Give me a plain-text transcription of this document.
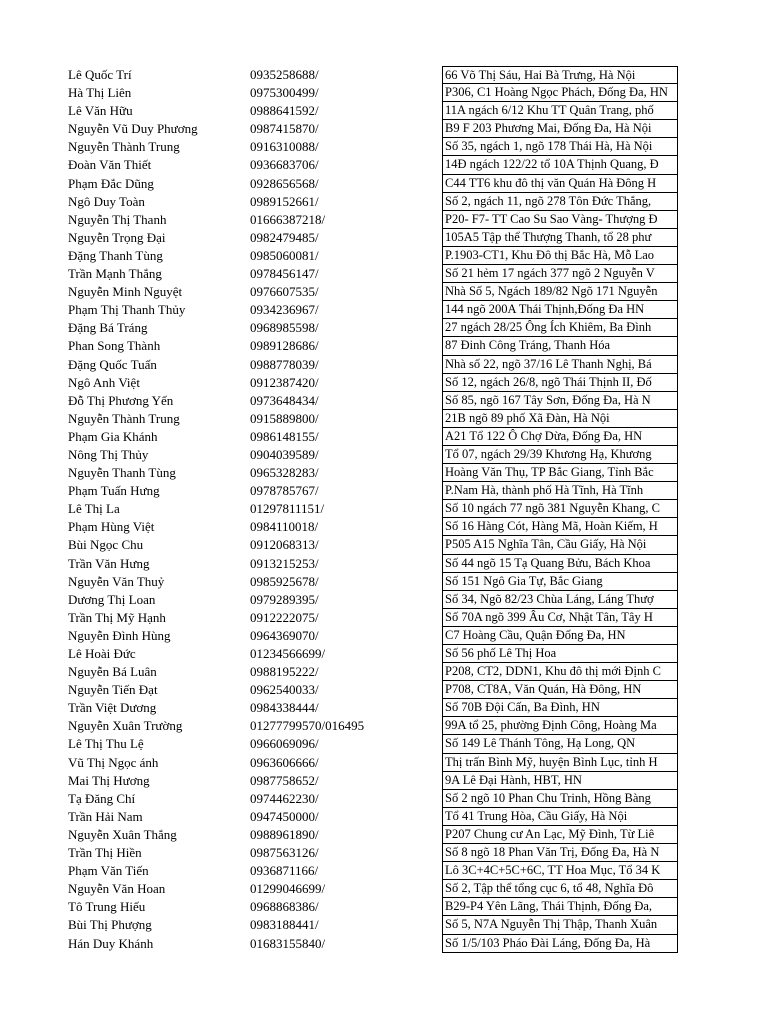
Lê Quốc Trí	0935258688/	66 Võ Thị Sáu, Hai Bà Trưng, Hà Nội
Hà Thị Liên	0975300499/	P306, C1 Hoàng Ngọc Phách, Đống Đa, HN
Lê Văn Hữu	0988641592/	11A ngách 6/12 Khu TT Quân Trang, phố
Nguyễn Vũ Duy Phương	0987415870/	B9 F 203 Phương Mai, Đống Đa, Hà Nội
Nguyễn Thành Trung	0916310088/	Số 35, ngách 1, ngõ 178 Thái Hà, Hà Nội
Đoàn Văn Thiết	0936683706/	14Đ ngách 122/22 tổ 10A Thịnh Quang, Đ
Phạm Đắc Dũng	0928656568/	C44 TT6 khu đô thị văn Quán Hà Đông H
Ngô Duy Toàn	0989152661/	Số 2, ngách 11, ngõ 278 Tôn Đức Thắng,
Nguyễn Thị Thanh	01666387218/	P20- F7- TT Cao Su Sao Vàng- Thượng Đ
Nguyễn Trọng Đại	0982479485/	105A5 Tập thể Thượng Thanh, tổ 28 phư
Đặng Thanh Tùng	0985060081/	P.1903-CT1, Khu Đô thị Bắc Hà, Mỗ Lao
Trần Mạnh Thắng	0978456147/	Số 21 hẻm 17 ngách 377 ngõ 2 Nguyễn V
Nguyễn Minh Nguyệt	0976607535/	Nhà Số 5, Ngách 189/82 Ngõ 171 Nguyễn
Phạm Thị Thanh Thủy	0934236967/	144 ngõ 200A Thái Thịnh,Đống Đa HN
Đặng Bá Tráng	0968985598/	27 ngách 28/25 Ông Ích Khiêm, Ba Đình
Phan Song Thành	0989128686/	87 Đinh Công Tráng, Thanh Hóa
Đặng Quốc Tuấn	0988778039/	Nhà số 22, ngõ 37/16 Lê Thanh Nghị, Bá
Ngô Anh Việt	0912387420/	Số 12, ngách 26/8, ngõ Thái Thịnh II, Đố
Đỗ Thị Phương Yến	0973648434/	Số 85, ngõ 167 Tây Sơn, Đống Đa, Hà N
Nguyễn Thành Trung	0915889800/	21B ngõ 89 phố Xã Đàn, Hà Nội
Phạm Gia Khánh	0986148155/	A21 Tổ 122 Ô Chợ Dừa, Đống Đa, HN
Nông Thị Thủy	0904039589/	Tổ 07, ngách 29/39 Khương Hạ, Khương
Nguyễn Thanh Tùng	0965328283/	Hoàng Văn Thụ, TP Bắc Giang, Tỉnh Bắc
Phạm Tuấn Hưng	0978785767/	P.Nam Hà, thành phố Hà Tĩnh, Hà Tĩnh
Lê Thị La	01297811151/	Số 10 ngách 77 ngõ 381 Nguyễn Khang, C
Phạm Hùng Việt	0984110018/	Số 16 Hàng Cót, Hàng Mã, Hoàn Kiếm, H
Bùi Ngọc Chu	0912068313/	P505 A15 Nghĩa Tân, Cầu Giấy, Hà Nội
Trần Văn Hưng	0913215253/	Số 44 ngõ 15 Tạ Quang Bửu, Bách Khoa
Nguyễn Văn Thuỷ	0985925678/	Số 151 Ngô Gia Tự, Bắc Giang
Dương Thị Loan	0979289395/	Số 34, Ngõ 82/23 Chùa Láng, Láng Thượ
Trần Thị Mỹ Hạnh	0912222075/	Số 70A ngõ 399 Âu Cơ, Nhật Tân, Tây H
Nguyễn Đình Hùng	0964369070/	C7 Hoàng Cầu, Quận Đống Đa, HN
Lê Hoài Đức	01234566699/	Số 56 phố Lê Thị Hoa
Nguyễn Bá Luân	0988195222/	P208, CT2, DDN1, Khu đô thị mới Định C
Nguyễn Tiến Đạt	0962540033/	P708, CT8A, Văn Quán, Hà Đông, HN
Trần Việt Dương	0984338444/	Số 70B Đội Cấn, Ba Đình, HN
Nguyễn Xuân Trường	01277799570/016495	99A tổ 25, phường Định Công, Hoàng Ma
Lê Thị Thu Lệ	0966069096/	Số 149 Lê Thánh Tông, Hạ Long, QN
Vũ Thị Ngọc ánh	0963606666/	Thị trấn Bình Mỹ, huyện Bình Lục, tỉnh H
Mai Thị Hương	0987758652/	9A Lê Đại Hành, HBT, HN
Tạ Đăng Chí	0974462230/	Số 2 ngõ 10 Phan Chu Trinh, Hồng Bàng
Trần Hải Nam	0947450000/	Tổ 41 Trung Hòa, Cầu Giấy, Hà Nội
Nguyễn Xuân Thắng	0988961890/	P207 Chung cư An Lạc, Mỹ Đình, Từ Liê
Trần Thị Hiền	0987563126/	Số 8 ngõ 18 Phan Văn Trị, Đống Đa, Hà N
Phạm Văn Tiến	0936871166/	Lô 3C+4C+5C+6C, TT Hoa Mục, Tổ 34 K
Nguyễn Văn Hoan	01299046699/	Số 2, Tập thể tổng cục 6, tổ 48, Nghĩa Đô
Tô Trung Hiếu	0968868386/	B29-P4 Yên Lãng, Thái Thịnh, Đống Đa,
Bùi Thị Phượng	0983188441/	Số 5, N7A Nguyễn Thị Thập, Thanh Xuân
Hán Duy Khánh	01683155840/	Số 1/5/103 Pháo Đài Láng, Đống Đa, Hà
